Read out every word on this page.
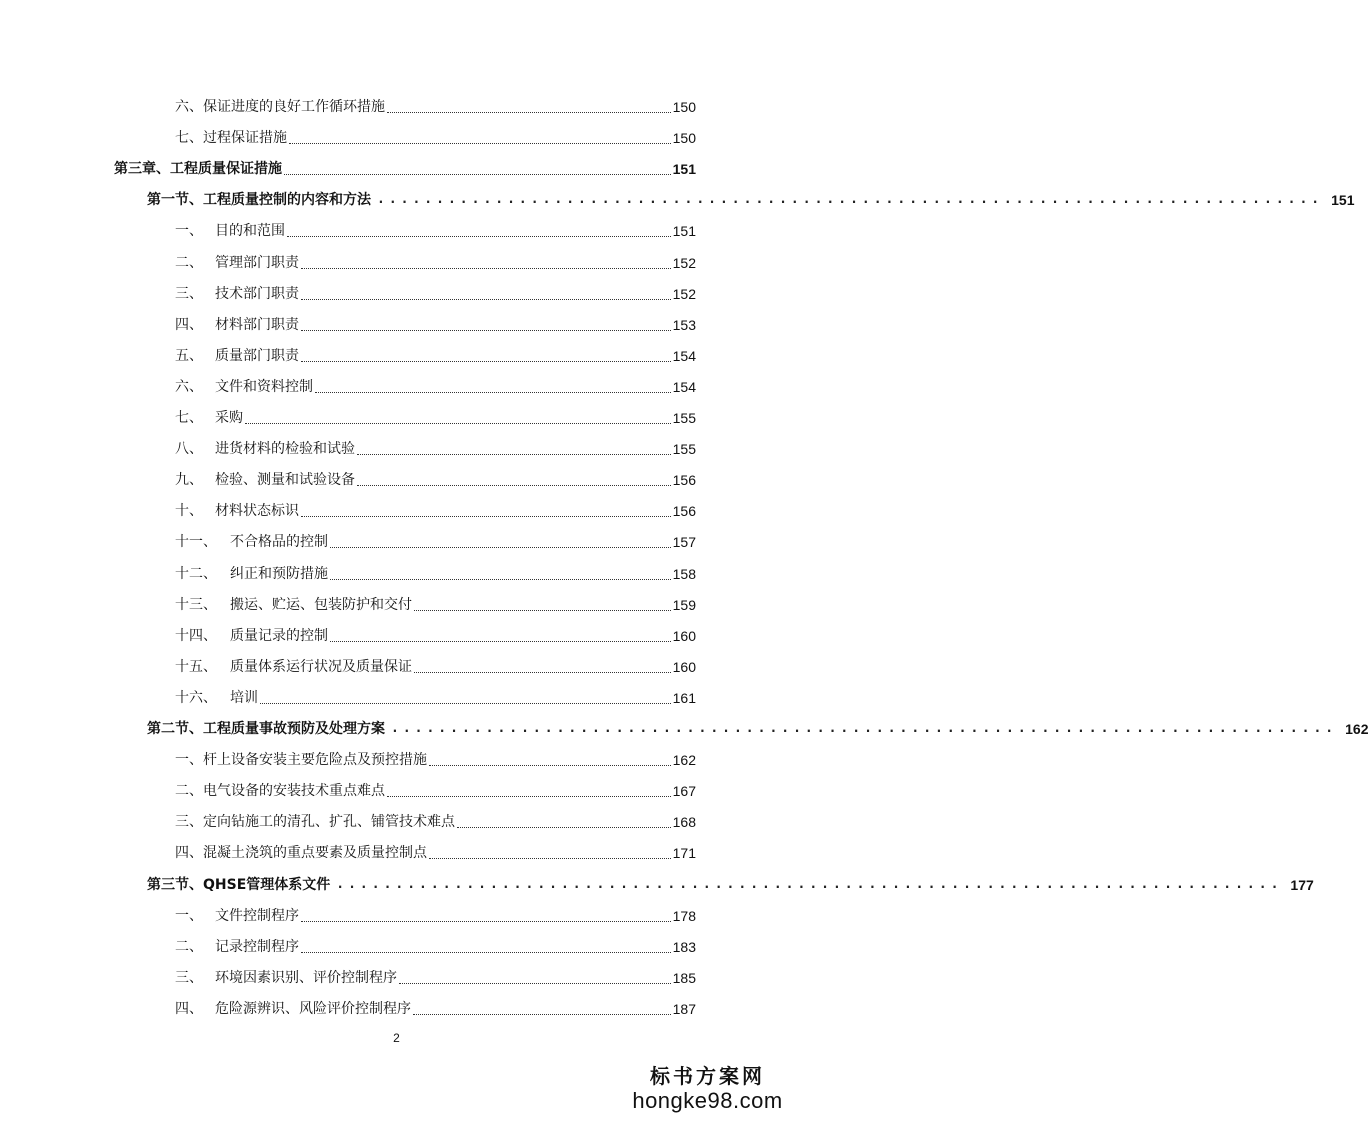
六、 保证进度的良好工作循环措施	150
七、 过程保证措施	150
第三章、 工程质量保证措施	151
第一节、 工程质量控制的内容和方法 ................................................................................ 151
一、 目的和范围	151
二、 管理部门职责	152
三、 技术部门职责	152
四、 材料部门职责	153
五、 质量部门职责	154
六、 文件和资料控制	154
七、 采购	155
八、 进货材料的检验和试验	155
九、 检验、测量和试验设备	156
十、 材料状态标识	156
十一、 不合格品的控制	157
十二、 纠正和预防措施	158
十三、 搬运、贮运、包装防护和交付	159
十四、 质量记录的控制	160
十五、 质量体系运行状况及质量保证	160
十六、 培训	161
第二节、 工程质量事故预防及处理方案 ................................................................................ 162
一、 杆上设备安装主要危险点及预控措施	162
二、 电气设备的安装技术重点难点	167
三、 定向钻施工的清孔、扩孔、铺管技术难点	168
四、 混凝土浇筑的重点要素及质量控制点	171
第三节、 QHSE管理体系文件 ................................................................................ 177
一、 文件控制程序	178
二、 记录控制程序	183
三、 环境因素识别、评价控制程序	185
四、 危险源辨识、风险评价控制程序	187
2
标书方案网
hongke98.com
